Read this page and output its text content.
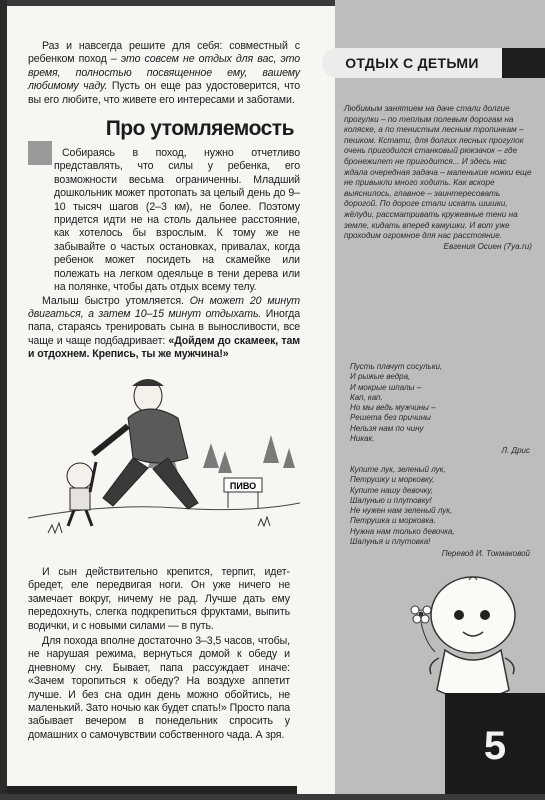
ОТДЫХ С ДЕТЬМИ

Раз и навсегда решите для себя: совместный с ребенком поход – это совсем не отдых для вас, это время, полностью посвященное ему, вашему любимому чаду. Пусть он еще раз удостоверится, что вы его любите, что живете его интересами и заботами.

Про утомляемость

Собираясь в поход, нужно отчетливо представлять, что силы у ребенка, его возможности весьма ограниченны. Младший дошкольник может протопать за целый день до 9–10 тысяч шагов (2–3 км), не более. Поэтому придется идти не на столь дальнее расстояние, как хотелось бы взрослым. К тому же не забывайте о частых остановках, привалах, когда ребенок может посидеть на скамейке или полежать на легком одеяльце в тени дерева или на полянке, чтобы дать отдых всему телу.

Малыш быстро утомляется. Он может 20 минут двигаться, а затем 10–15 минут отдыхать. Иногда папа, стараясь тренировать сына в выносливости, все чаще и чаще подбадривает: «Дойдем до скамеек, там и отдохнем. Крепись, ты же мужчина!»

ПИВО

И сын действительно крепится, терпит, идет-бредет, еле передвигая ноги. Он уже ничего не замечает вокруг, ничему не рад. Лучше дать ему передохнуть, слегка подкрепиться фруктами, выпить водички, и с новыми силами — в путь.

Для похода вполне достаточно 3–3,5 часов, чтобы, не нарушая режима, вернуться домой к обеду и дневному сну. Бывает, папа рассуждает иначе: «Зачем торопиться к обеду? На воздухе аппетит лучше. И без сна один день можно обойтись, не маленький. Зато ночью как будет спать!» Просто папа забывает вечером в понедельник спросить у домашних о самочувствии собственного чада. А зря.

Любимым занятием на даче стали долгие прогулки – по теплым полевым дорогам на коляске, а по тенистым лесным тропинкам – пешком. Кстати, для долгих лесных прогулок очень пригодился станковый рюкзачок – где бронежилет не пригодится... И здесь нас ждала очередная задача – маленькие ножки еще не привыкли много ходить. Как вскоре выяснилось, главное – заинтересовать дорогой. По дороге стали искать шишки, жёлуди, рассматривать кружевные тени на земле, кидать вперед камушки. И вот уже проходим огромное для нас расстояние.
Евгения Осиен (7ya.ru)
Пусть плачут сосульки,
И рыжые ведра,
И мокрые шпалы –
Кап, кап.
Но мы ведь мужчины –
Решета без причины
Нельзя нам по чину
Никак.
Л. Дрис
Купите лук, зеленый лук,
Петрушку и морковку,
Купите нашу девочку,
Шалунью и плутовку!
Не нужен нам зеленый лук,
Петрушка и морковка.
Нужна нам только девочка,
Шалунья и плутовка!
Перевод И. Токмаковой
5
